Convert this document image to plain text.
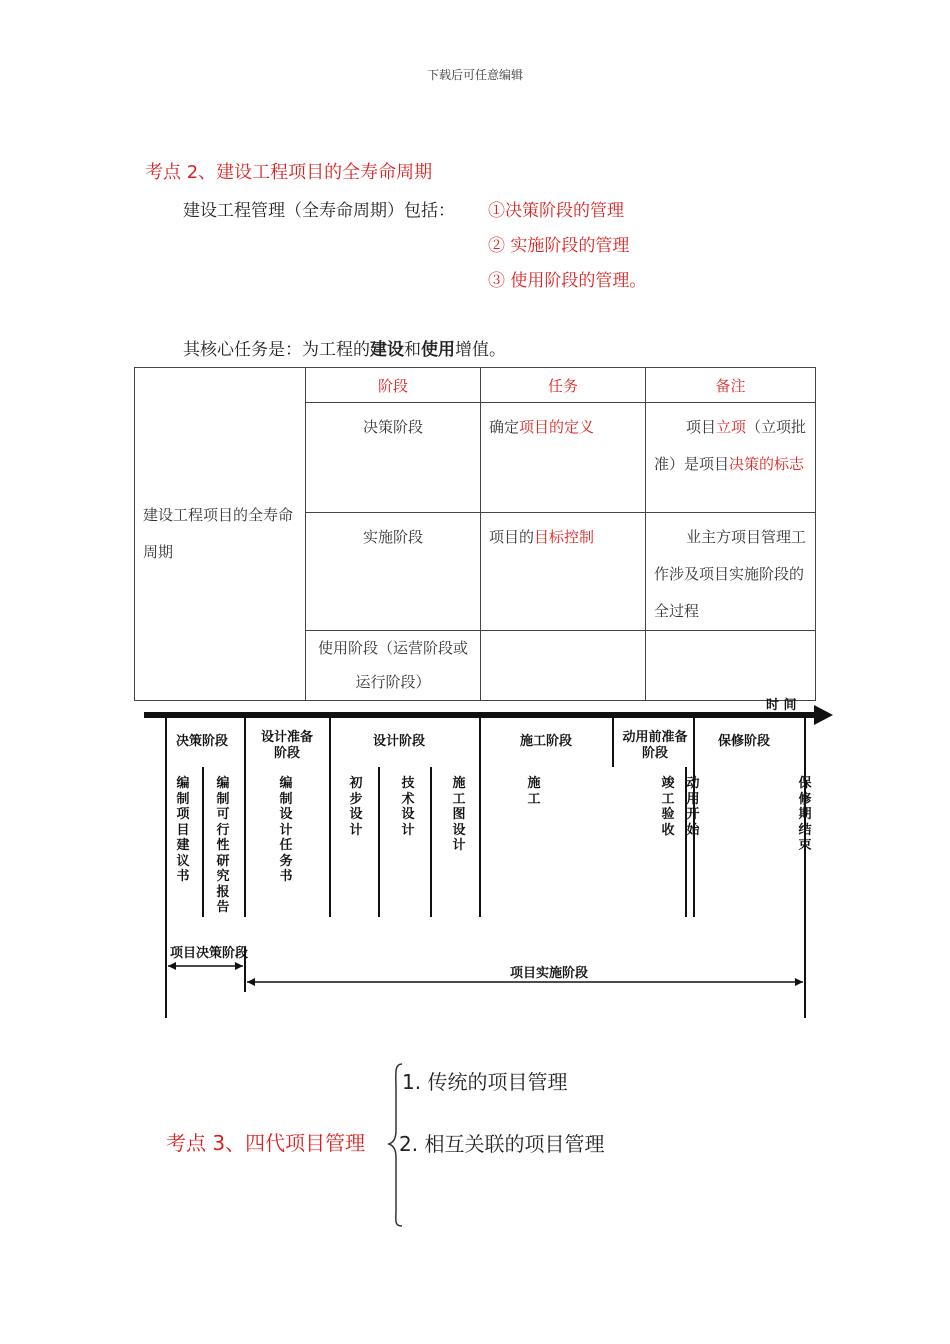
下载后可任意编辑
考点 2、建设工程项目的全寿命周期
建设工程管理（全寿命周期）包括： ①决策阶段的管理
② 实施阶段的管理
③ 使用阶段的管理。
其核心任务是：为工程的建设和使用增值。
建设工程项目的全寿命周期	阶段	任务	备注
	决策阶段	确定项目的定义	项目立项（立项批准）是项目决策的标志
	实施阶段	项目的目标控制	业主方项目管理工作涉及项目实施阶段的全过程
	使用阶段（运营阶段或运行阶段）		
时 间
决策阶段	设计准备阶段
设计阶段	施工阶段	动用前准备阶段
保修阶段
编制项目建议书
编制可行性研究报告
编制设计任务书
初步设计
技术设计
施工图设计
施工
竣工验收
动用开始
保修期结束
项目决策阶段
项目实施阶段
考点 3、四代项目管理
1. 传统的项目管理
2. 相互关联的项目管理
